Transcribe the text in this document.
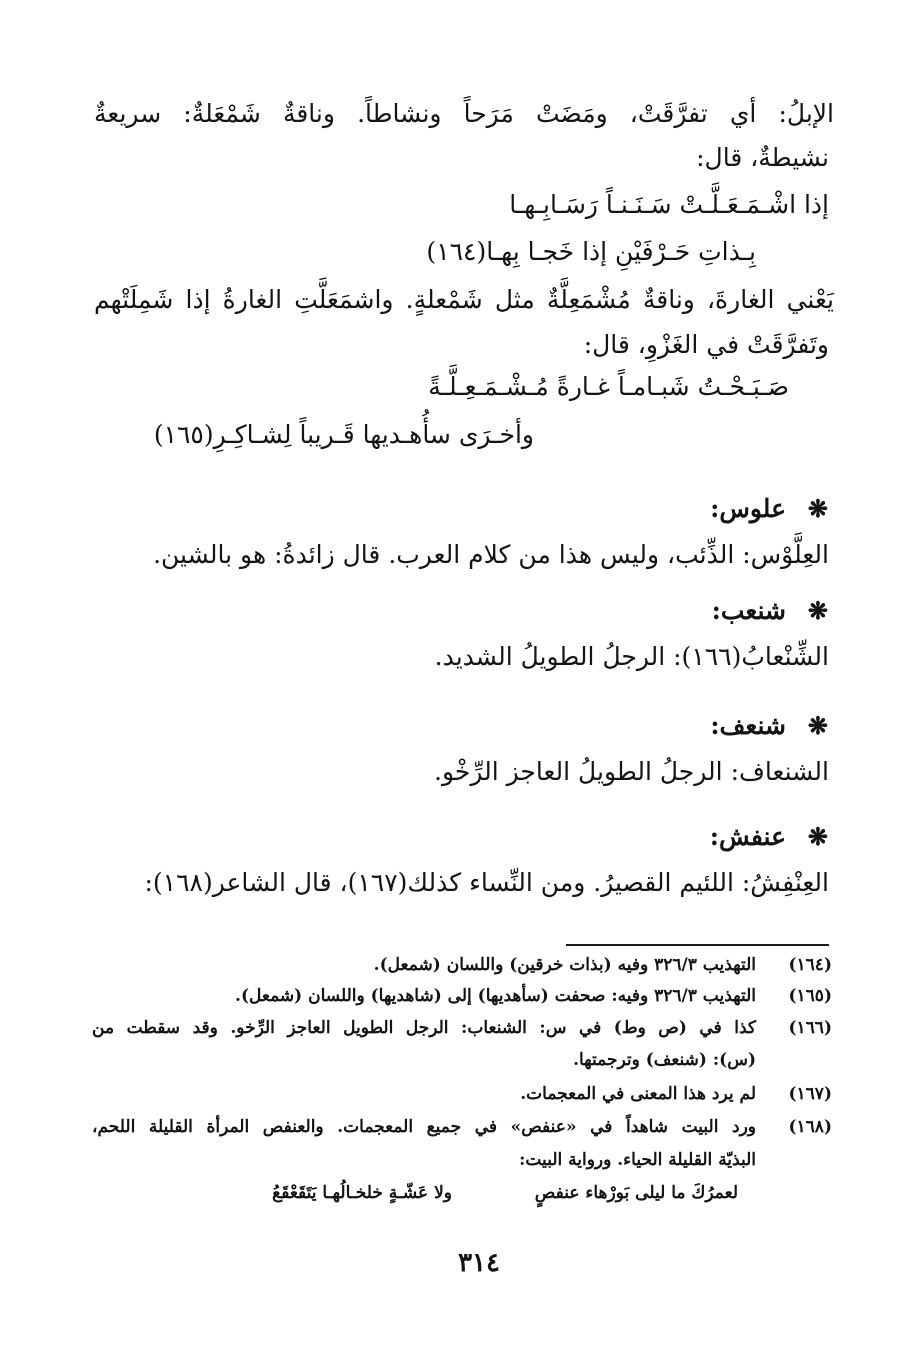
الإبلُ: أي تفرَّقَتْ، ومَضَتْ مَرَحاً ونشاطاً. وناقةٌ شَمْعَلةٌ: سريعةٌ
نشيطةٌ، قال:
إذا اشْـمَـعَـلَّـتْ سَـنَـنـاً رَسَـابِـهـا
بِـذاتِ حَـرْفَيْنِ إذا خَجـا بِهـا(١٦٤)
يَعْني الغارةَ، وناقةٌ مُشْمَعِلَّةٌ مثل شَمْعلةٍ. واشمَعَلَّتِ الغارةُ إذا شَمِلَتْهم
وتَفرَّقَتْ في الغَزْوِ، قال:
صَـبَـحْـتُ شَبـامـاً غـارةً مُـشْـمَـعِـلَّـةً
وأخـرَى سأُهـديها قَـريباً لِشـاكِـرِ(١٦٥)
❋
علوس:
العِلَّوْس: الذِّئب، وليس هذا من كلام العرب. قال زائدةُ: هو بالشين.
❋
شنعب:
الشِّنْعابُ(١٦٦): الرجلُ الطويلُ الشديد.
❋
شنعف:
الشنعاف: الرجلُ الطويلُ العاجز الرِّخْو.
❋
عنفش:
العِنْفِشُ: اللئيم القصيرُ. ومن النِّساء كذلك(١٦٧)، قال الشاعر(١٦٨):
(١٦٤)
التهذيب ٣٢٦/٣ وفيه (بذات خرقين) واللسان (شمعل).
(١٦٥)
التهذيب ٣٢٦/٣ وفيه: صحفت (سأهديها) إلى (شاهديها) واللسان (شمعل).
(١٦٦)
كذا في (ص وط) في س: الشنعاب: الرجل الطويل العاجز الرِّخو. وقد سقطت من
(س): (شنعف) وترجمتها.
(١٦٧)
لم يرد هذا المعنى في المعجمات.
(١٦٨)
ورد البيت شاهداً في «عنفص» في جميع المعجمات. والعنفص المرأة القليلة اللحم،
البذيّة القليلة الحياء. ورواية البيت:
لعمرُكَ ما ليلى بَورْهاء عنفصٍ
ولا عَشّـةٍ خلخـالُهـا يَتَقَعْقَعُ
٣١٤
